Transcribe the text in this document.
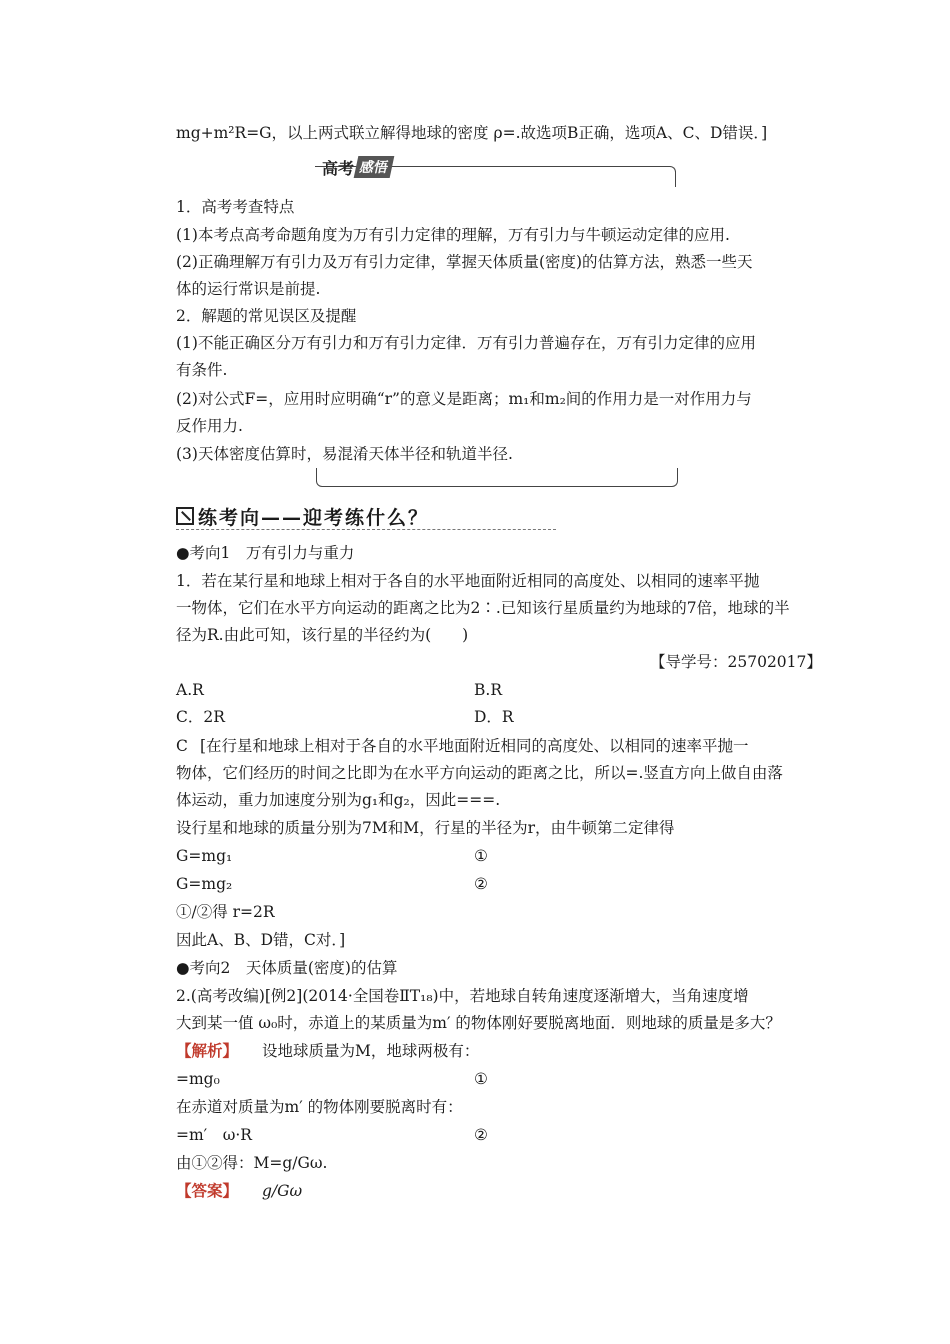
mg+m²R=G，以上两式联立解得地球的密度 ρ=.故选项B正确，选项A、C、D错误．]
高考 感悟
1．高考考查特点
(1)本考点高考命题角度为万有引力定律的理解，万有引力与牛顿运动定律的应用.
(2)正确理解万有引力及万有引力定律，掌握天体质量(密度)的估算方法，熟悉一些天
体的运行常识是前提.
2．解题的常见误区及提醒
(1)不能正确区分万有引力和万有引力定律．万有引力普遍存在，万有引力定律的应用
有条件.
(2)对公式F=，应用时应明确“r”的意义是距离；m₁和m₂间的作用力是一对作用力与
反作用力.
(3)天体密度估算时，易混淆天体半径和轨道半径.
练考向——迎考练什么？
●考向1　万有引力与重力
1．若在某行星和地球上相对于各自的水平地面附近相同的高度处、以相同的速率平抛
一物体，它们在水平方向运动的距离之比为2∶.已知该行星质量约为地球的7倍，地球的半
径为R.由此可知，该行星的半径约为(　　)
【导学号：25702017】
A.R	B.R
C．2R	D．R
C [在行星和地球上相对于各自的水平地面附近相同的高度处、以相同的速率平抛一
物体，它们经历的时间之比即为在水平方向运动的距离之比，所以=.竖直方向上做自由落
体运动，重力加速度分别为g₁和g₂，因此===.
设行星和地球的质量分别为7M和M，行星的半径为r，由牛顿第二定律得
G=mg₁	①
G=mg₂	②
①/②得 r=2R
因此A、B、D错，C对．]
●考向2　天体质量(密度)的估算
2.(高考改编)[例2](2014·全国卷ⅡT₁₈)中，若地球自转角速度逐渐增大，当角速度增
大到某一值 ω₀时，赤道上的某质量为m′ 的物体刚好要脱离地面．则地球的质量是多大？
【解析】 设地球质量为M，地球两极有：
=mg₀	①
在赤道对质量为m′ 的物体刚要脱离时有：
=m′　ω·R	②
由①②得：M=g/Gω.
【答案】 g/Gω
